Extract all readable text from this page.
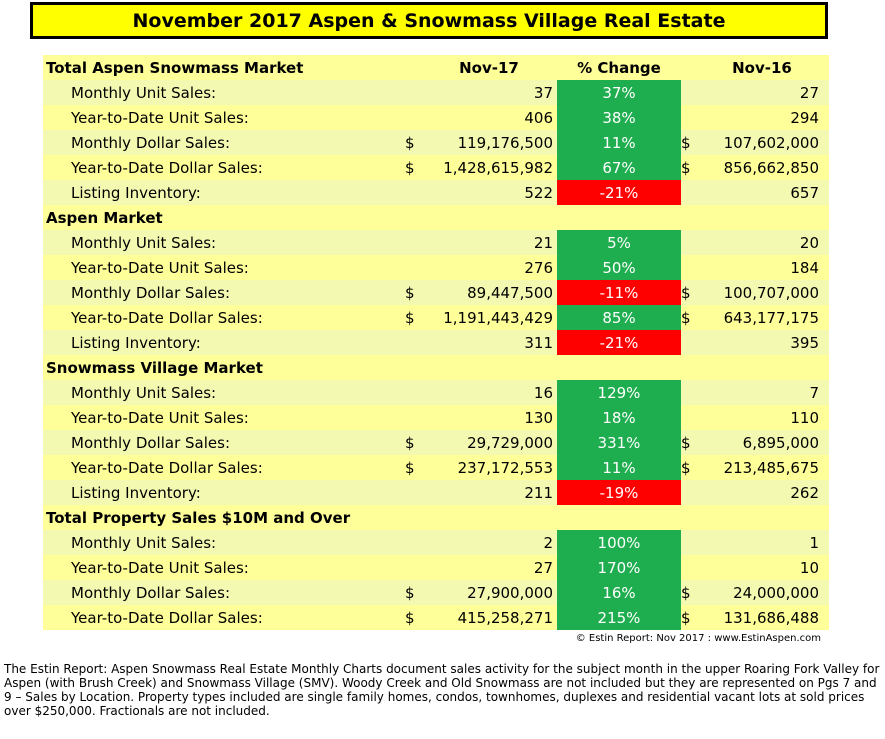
November 2017 Aspen & Snowmass Village Real Estate
Total Aspen Snowmass Market		Nov-17	% Change		Nov-16
Monthly Unit Sales:		37	37%		27
Year-to-Date Unit Sales:		406	38%		294
Monthly Dollar Sales:	$	119,176,500	11%	$	107,602,000
Year-to-Date Dollar Sales:	$	1,428,615,982	67%	$	856,662,850
Listing Inventory:		522	-21%		657
Aspen Market					
Monthly Unit Sales:		21	5%		20
Year-to-Date Unit Sales:		276	50%		184
Monthly Dollar Sales:	$	89,447,500	-11%	$	100,707,000
Year-to-Date Dollar Sales:	$	1,191,443,429	85%	$	643,177,175
Listing Inventory:		311	-21%		395
Snowmass Village Market					
Monthly Unit Sales:		16	129%		7
Year-to-Date Unit Sales:		130	18%		110
Monthly Dollar Sales:	$	29,729,000	331%	$	6,895,000
Year-to-Date Dollar Sales:	$	237,172,553	11%	$	213,485,675
Listing Inventory:		211	-19%		262
Total Property Sales $10M and Over					
Monthly Unit Sales:		2	100%		1
Year-to-Date Unit Sales:		27	170%		10
Monthly Dollar Sales:	$	27,900,000	16%	$	24,000,000
Year-to-Date Dollar Sales:	$	415,258,271	215%	$	131,686,488
© Estin Report: Nov 2017 : www.EstinAspen.com
The Estin Report: Aspen Snowmass Real Estate Monthly Charts document sales activity for the subject month in the upper Roaring Fork Valley for Aspen (with Brush Creek) and Snowmass Village (SMV). Woody Creek and Old Snowmass are not included but they are represented on Pgs 7 and 9 – Sales by Location. Property types included are single family homes, condos, townhomes, duplexes and residential vacant lots at sold prices over $250,000. Fractionals are not included.
